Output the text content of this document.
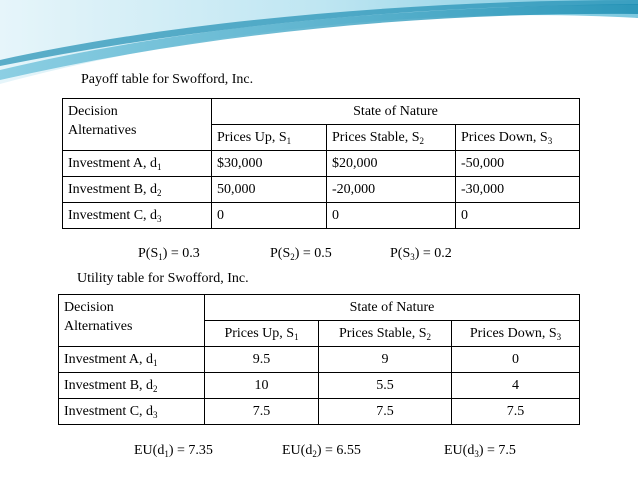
Payoff table for Swofford, Inc.
Decision
Alternatives	State of Nature		
	Prices Up, $S_1$	Prices Stable, $S_2$	Prices Down, $S_3$
Investment A, $d_1$	$30,000	$20,000	-50,000
Investment B, $d_2$	50,000	-20,000	-30,000
Investment C, $d_3$	0	0	0
$P(S_1) = 0.3$	$P(S_2) = 0.5$	$P(S_3) = 0.2$
Utility table for Swofford, Inc.
Decision
Alternatives	State of Nature		
	Prices Up, $S_1$	Prices Stable, $S_2$	Prices Down, $S_3$
Investment A, $d_1$	9.5	9	0
Investment B, $d_2$	10	5.5	4
Investment C, $d_3$	7.5	7.5	7.5
$EU(d_1) = 7.35$	$EU(d_2) = 6.55$	$EU(d_3) = 7.5$
